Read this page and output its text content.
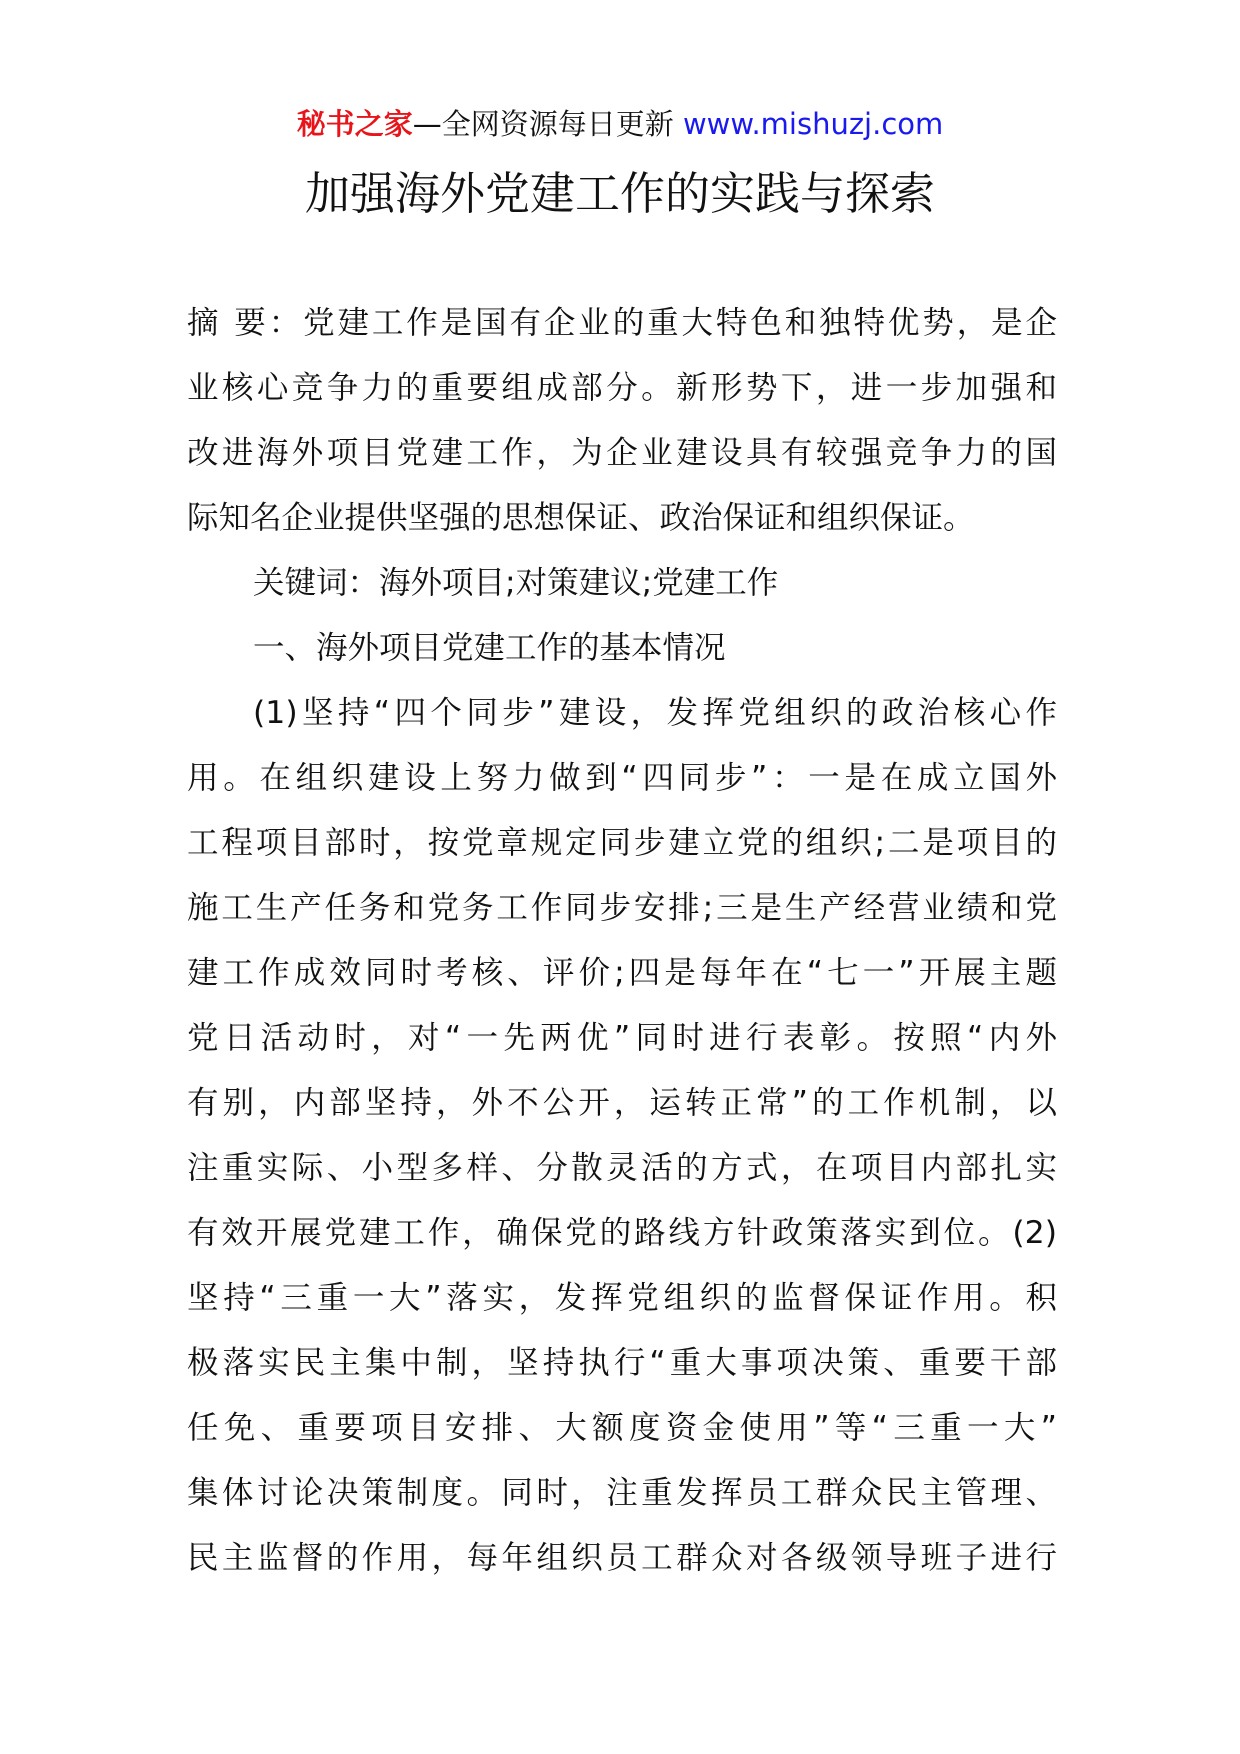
秘书之家—全网资源每日更新 www.mishuzj.com
加强海外党建工作的实践与探索
摘 要：党建工作是国有企业的重大特色和独特优势，是企
业核心竞争力的重要组成部分。新形势下，进一步加强和
改进海外项目党建工作，为企业建设具有较强竞争力的国
际知名企业提供坚强的思想保证、政治保证和组织保证。
关键词：海外项目;对策建议;党建工作
一、海外项目党建工作的基本情况
(1)坚持“四个同步”建设，发挥党组织的政治核心作
用。在组织建设上努力做到“四同步”：一是在成立国外
工程项目部时，按党章规定同步建立党的组织;二是项目的
施工生产任务和党务工作同步安排;三是生产经营业绩和党
建工作成效同时考核、评价;四是每年在“七一”开展主题
党日活动时，对“一先两优”同时进行表彰。按照“内外
有别，内部坚持，外不公开，运转正常”的工作机制，以
注重实际、小型多样、分散灵活的方式，在项目内部扎实
有效开展党建工作，确保党的路线方针政策落实到位。(2)
坚持“三重一大”落实，发挥党组织的监督保证作用。积
极落实民主集中制，坚持执行“重大事项决策、重要干部
任免、重要项目安排、大额度资金使用”等“三重一大”
集体讨论决策制度。同时，注重发挥员工群众民主管理、
民主监督的作用，每年组织员工群众对各级领导班子进行
